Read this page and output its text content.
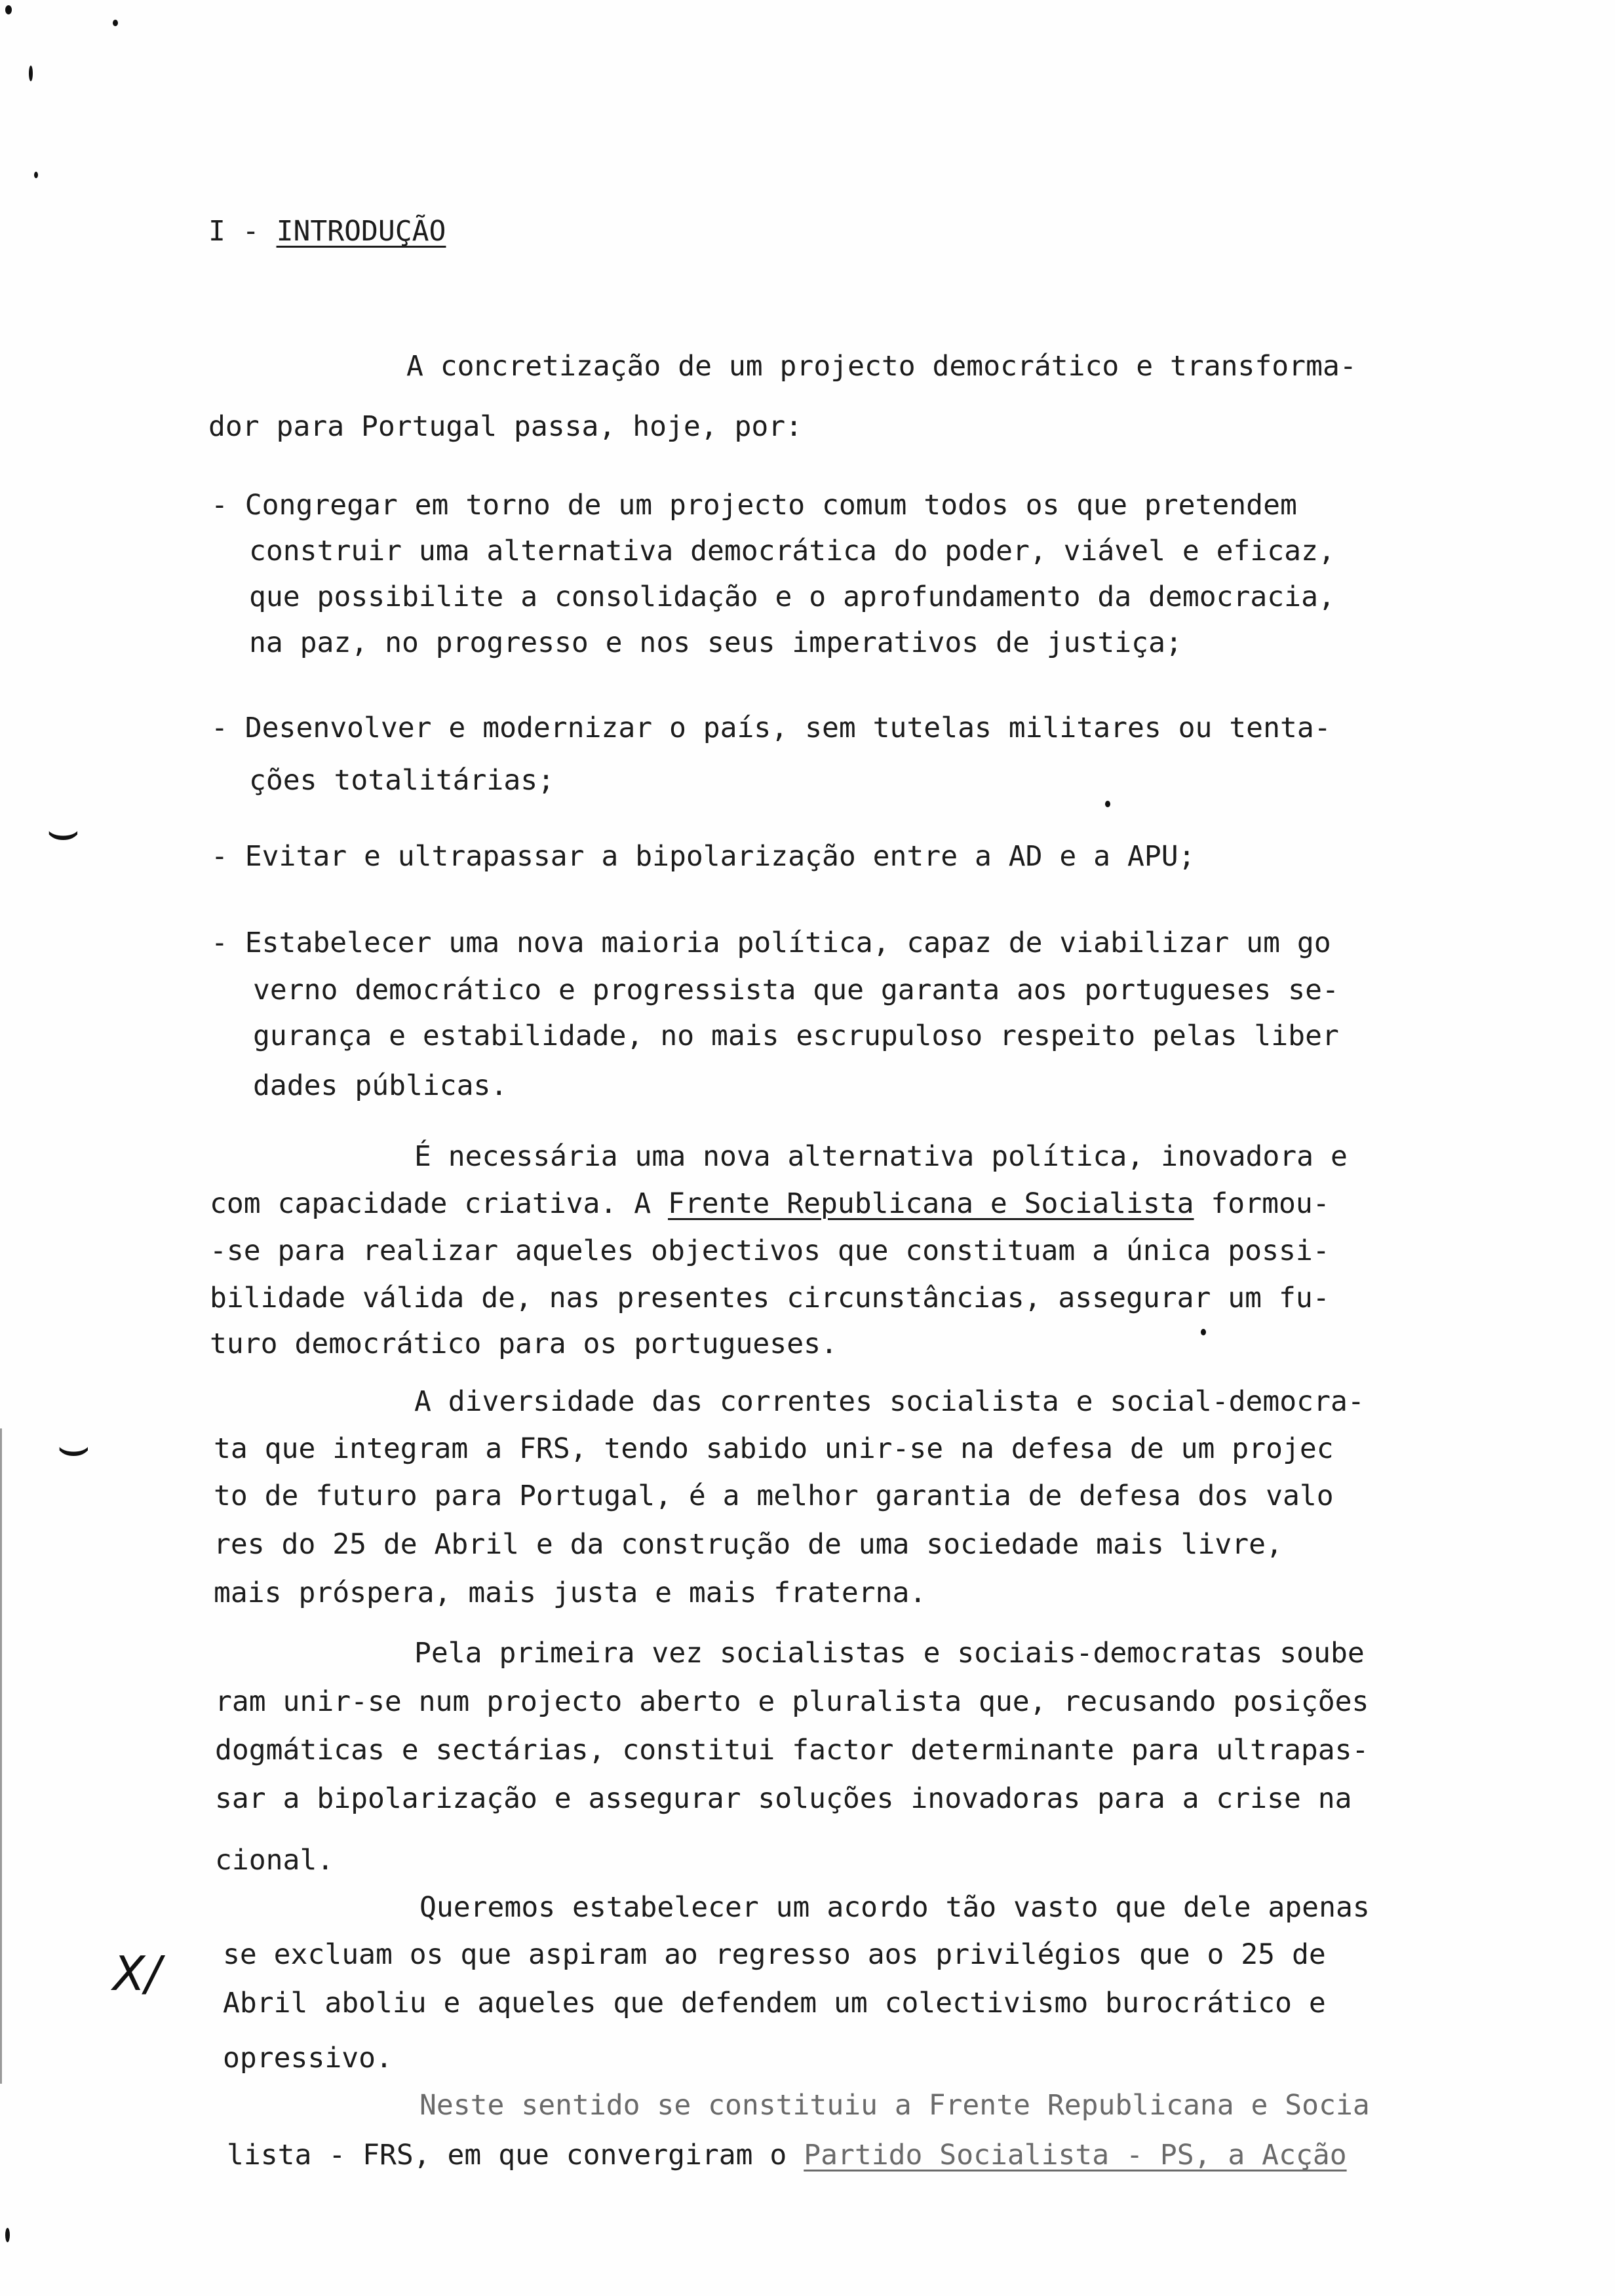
I - INTRODUÇÃO
A concretização de um projecto democrático e transforma-
dor para Portugal passa, hoje, por:
- Congregar em torno de um projecto comum todos os que pretendem
construir uma alternativa democrática do poder, viável e eficaz,
que possibilite a consolidação e o aprofundamento da democracia,
na paz, no progresso e nos seus imperativos de justiça;
- Desenvolver e modernizar o país, sem tutelas militares ou tenta-
ções totalitárias;
- Evitar e ultrapassar a bipolarização entre a AD e a APU;
- Estabelecer uma nova maioria política, capaz de viabilizar um go
verno democrático e progressista que garanta aos portugueses se-
gurança e estabilidade, no mais escrupuloso respeito pelas liber
dades públicas.
É necessária uma nova alternativa política, inovadora e
com capacidade criativa. A Frente Republicana e Socialista formou-
-se para realizar aqueles objectivos que constituam a única possi-
bilidade válida de, nas presentes circunstâncias, assegurar um fu-
turo democrático para os portugueses.
A diversidade das correntes socialista e social-democra-
ta que integram a FRS, tendo sabido unir-se na defesa de um projec
to de futuro para Portugal, é a melhor garantia de defesa dos valo
res do 25 de Abril e da construção de uma sociedade mais livre,
mais próspera, mais justa e mais fraterna.
Pela primeira vez socialistas e sociais-democratas soube
ram unir-se num projecto aberto e pluralista que, recusando posições
dogmáticas e sectárias, constitui factor determinante para ultrapas-
sar a bipolarização e assegurar soluções inovadoras para a crise na
cional.
Queremos estabelecer um acordo tão vasto que dele apenas
se excluam os que aspiram ao regresso aos privilégios que o 25 de
Abril aboliu e aqueles que defendem um colectivismo burocrático e
opressivo.
Neste sentido se constituiu a Frente Republicana e Socia
lista - FRS, em que convergiram o Partido Socialista - PS, a Acção
⌣
⌣
X/
